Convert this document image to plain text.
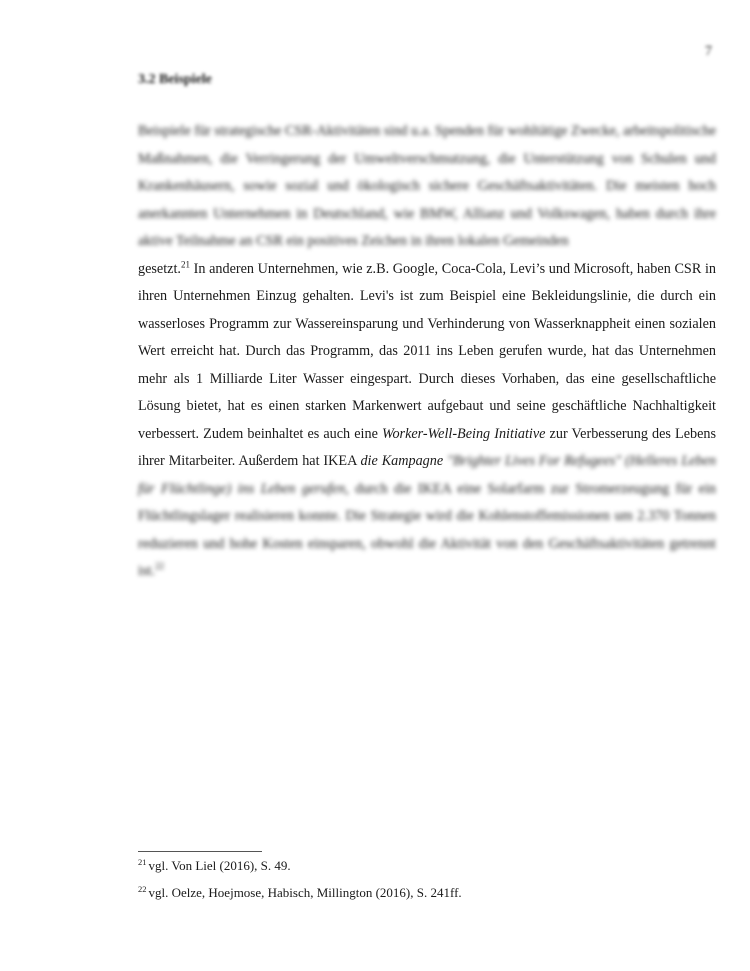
7
3.2 Beispiele

Beispiele für strategische CSR-Aktivitäten sind u.a. Spenden für wohltätige Zwecke, arbeitspolitische Maßnahmen, die Verringerung der Umweltverschmutzung, die Unterstützung von Schulen und Krankenhäusern, sowie sozial und ökologisch sichere Geschäftsaktivitäten. Die meisten hoch anerkannten Unternehmen in Deutschland, wie BMW, Allianz und Volkswagen, haben durch ihre aktive Teilnahme an CSR ein positives Zeichen in ihren lokalen Gemeinden
gesetzt.$^{21}$ In anderen Unternehmen, wie z.B. Google, Coca-Cola, Levi’s und Microsoft, haben CSR in ihren Unternehmen Einzug gehalten. Levi's ist zum Beispiel eine Bekleidungslinie, die durch ein wasserloses Programm zur Wassereinsparung und Verhinderung von Wasserknappheit einen sozialen Wert erreicht hat. Durch das Programm, das 2011 ins Leben gerufen wurde, hat das Unternehmen mehr als 1 Milliarde Liter Wasser eingespart. Durch dieses Vorhaben, das eine gesellschaftliche Lösung bietet, hat es einen starken Markenwert aufgebaut und seine geschäftliche Nachhaltigkeit verbessert. Zudem beinhaltet es auch eine Worker-Well-Being Initiative zur Verbesserung des Lebens ihrer Mitarbeiter. Außerdem hat IKEA die Kampagne "Brighter Lives For Refugees" (Helleres Leben für Flüchtlinge) ins Leben gerufen, durch die IKEA eine Solarfarm zur Stromerzeugung für ein Flüchtlingslager realisieren konnte. Die Strategie wird die Kohlenstoffemissionen um 2.370 Tonnen reduzieren und hohe Kosten einsparen, obwohl die Aktivität von den Geschäftsaktivitäten getrennt ist.$^{22}$

$^{21}$ vgl. Von Liel (2016), S. 49.

$^{22}$ vgl. Oelze, Hoejmose, Habisch, Millington (2016), S. 241ff.
